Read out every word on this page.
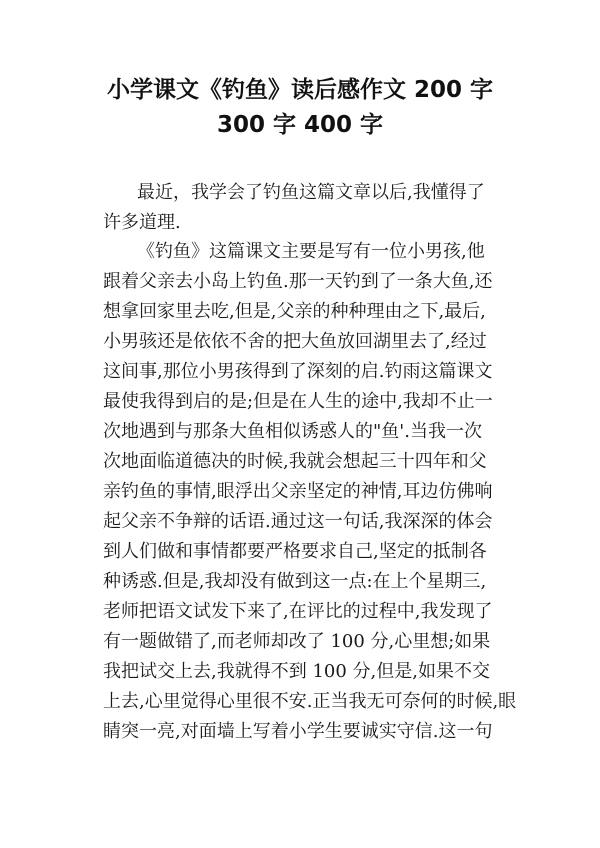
小学课文《钓鱼》读后感作文 200 字
300 字 400 字
最近，我学会了钓鱼这篇文章以后,我懂得了
许多道理.
《钓鱼》这篇课文主要是写有一位小男孩,他
跟着父亲去小岛上钓鱼.那一天钓到了一条大鱼,还
想拿回家里去吃,但是,父亲的种种理由之下,最后,
小男骇还是依依不舍的把大鱼放回湖里去了,经过
这间事,那位小男孩得到了深刻的启.钓雨这篇课文
最使我得到启的是;但是在人生的途中,我却不止一
次地遇到与那条大鱼相似诱惑人的"鱼'.当我一次
次地面临道德决的时候,我就会想起三十四年和父
亲钓鱼的事情,眼浮出父亲坚定的神情,耳边仿佛响
起父亲不争辩的话语.通过这一句话,我深深的体会
到人们做和事情都要严格要求自己,坚定的抵制各
种诱惑.但是,我却没有做到这一点:在上个星期三,
老师把语文试发下来了,在评比的过程中,我发现了
有一题做错了,而老师却改了 100 分,心里想;如果
我把试交上去,我就得不到 100 分,但是,如果不交
上去,心里觉得心里很不安.正当我无可奈何的时候,眼
睛突一亮,对面墙上写着小学生要诚实守信.这一句
